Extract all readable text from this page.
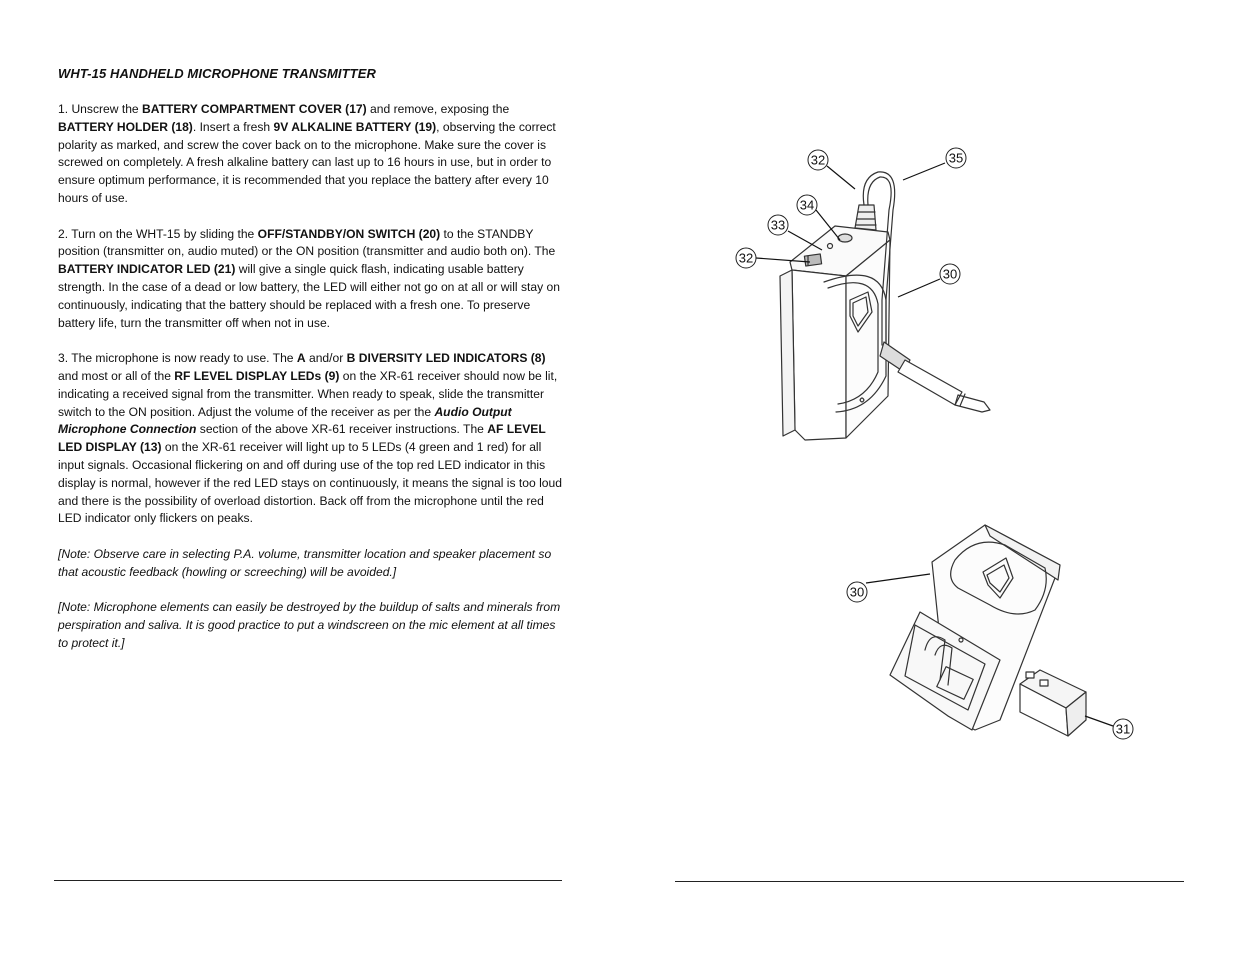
WHT-15 HANDHELD MICROPHONE TRANSMITTER

1. Unscrew the BATTERY COMPARTMENT COVER (17) and remove, exposing the BATTERY HOLDER (18). Insert a fresh 9V ALKALINE BATTERY (19), observing the correct polarity as marked, and screw the cover back on to the microphone. Make sure the cover is screwed on completely. A fresh alkaline battery can last up to 16 hours in use, but in order to ensure optimum performance, it is recommended that you replace the battery after every 10 hours of use.

2. Turn on the WHT-15 by sliding the OFF/STANDBY/ON SWITCH (20) to the STANDBY position (transmitter on, audio muted) or the ON position (transmitter and audio both on). The BATTERY INDICATOR LED (21) will give a single quick flash, indicating usable battery strength. In the case of a dead or low battery, the LED will either not go on at all or will stay on continuously, indicating that the battery should be replaced with a fresh one. To preserve battery life, turn the transmitter off when not in use.

3. The microphone is now ready to use. The A and/or B DIVERSITY LED INDICATORS (8) and most or all of the RF LEVEL DISPLAY LEDs (9) on the XR-61 receiver should now be lit, indicating a received signal from the transmitter. When ready to speak, slide the transmitter switch to the ON position. Adjust the volume of the receiver as per the Audio Output Microphone Connection section of the above XR-61 receiver instructions. The AF LEVEL LED DISPLAY (13) on the XR-61 receiver will light up to 5 LEDs (4 green and 1 red) for all input signals. Occasional flickering on and off during use of the top red LED indicator in this display is normal, however if the red LED stays on continuously, it means the signal is too loud and there is the possibility of overload distortion. Back off from the microphone until the red LED indicator only flickers on peaks.

[Note: Observe care in selecting P.A. volume, transmitter location and speaker placement so that acoustic feedback (howling or screeching) will be avoided.]

[Note: Microphone elements can easily be destroyed by the buildup of salts and minerals from perspiration and saliva. It is good practice to put a windscreen on the mic element at all times to protect it.]

32	35
34
33
32
30
30
31
